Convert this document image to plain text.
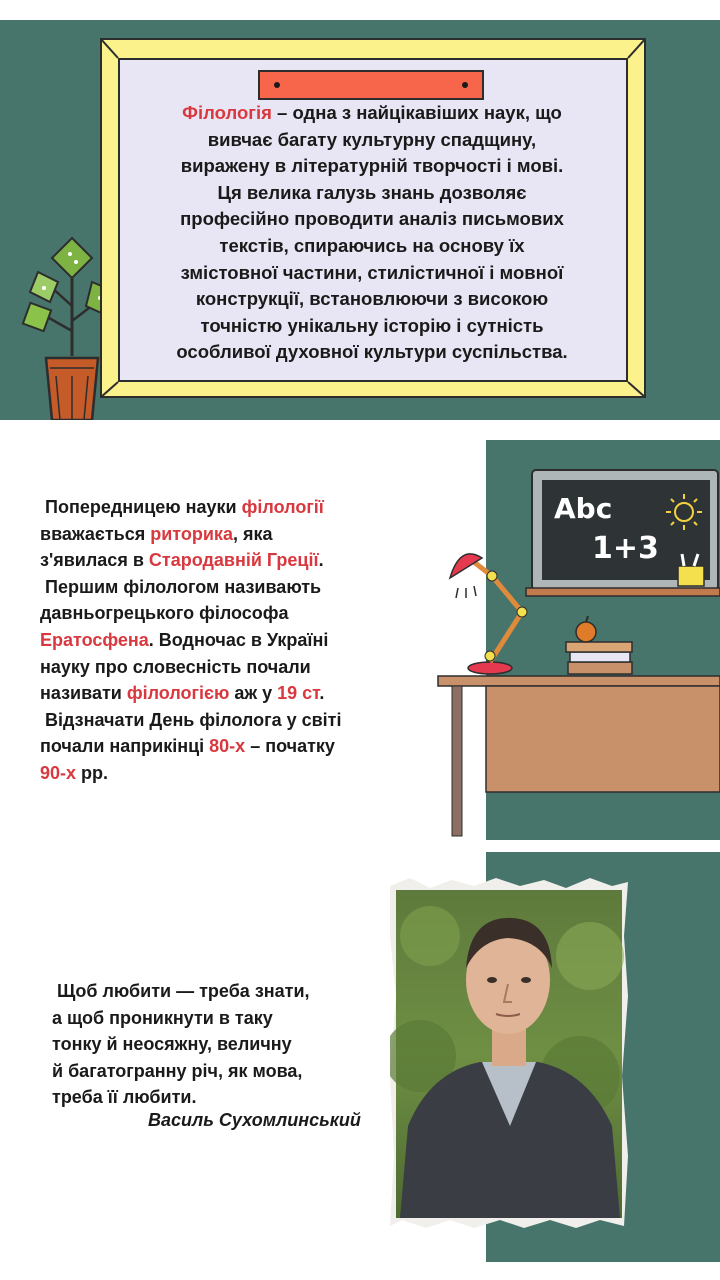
Філологія – одна з найцікавіших наук, що
вивчає багату культурну спадщину,
виражену в літературній творчості і мові.
Ця велика галузь знань дозволяє
професійно проводити аналіз письмових
текстів, спираючись на основу їх
змістовної частини, стилістичної і мовної
конструкції, встановлюючи з високою
точністю унікальну історію і сутність
особливої духовної культури суспільства.
Попередницею науки філології
вважається риторика, яка
з'явилася в Стародавній Греції.
Першим філологом називають
давньогрецького філософа
Ератосфена. Водночас в Україні
науку про словесність почали
називати філологією аж у 19 ст.
Відзначати День філолога у світі
почали наприкінці 80-х – початку
90-х рр.
Abc
1+3
Щоб любити — треба знати,
а щоб проникнути в таку
тонку й неосяжну, величну
й багатогранну річ, як мова,
треба її любити.
Василь Сухомлинський
